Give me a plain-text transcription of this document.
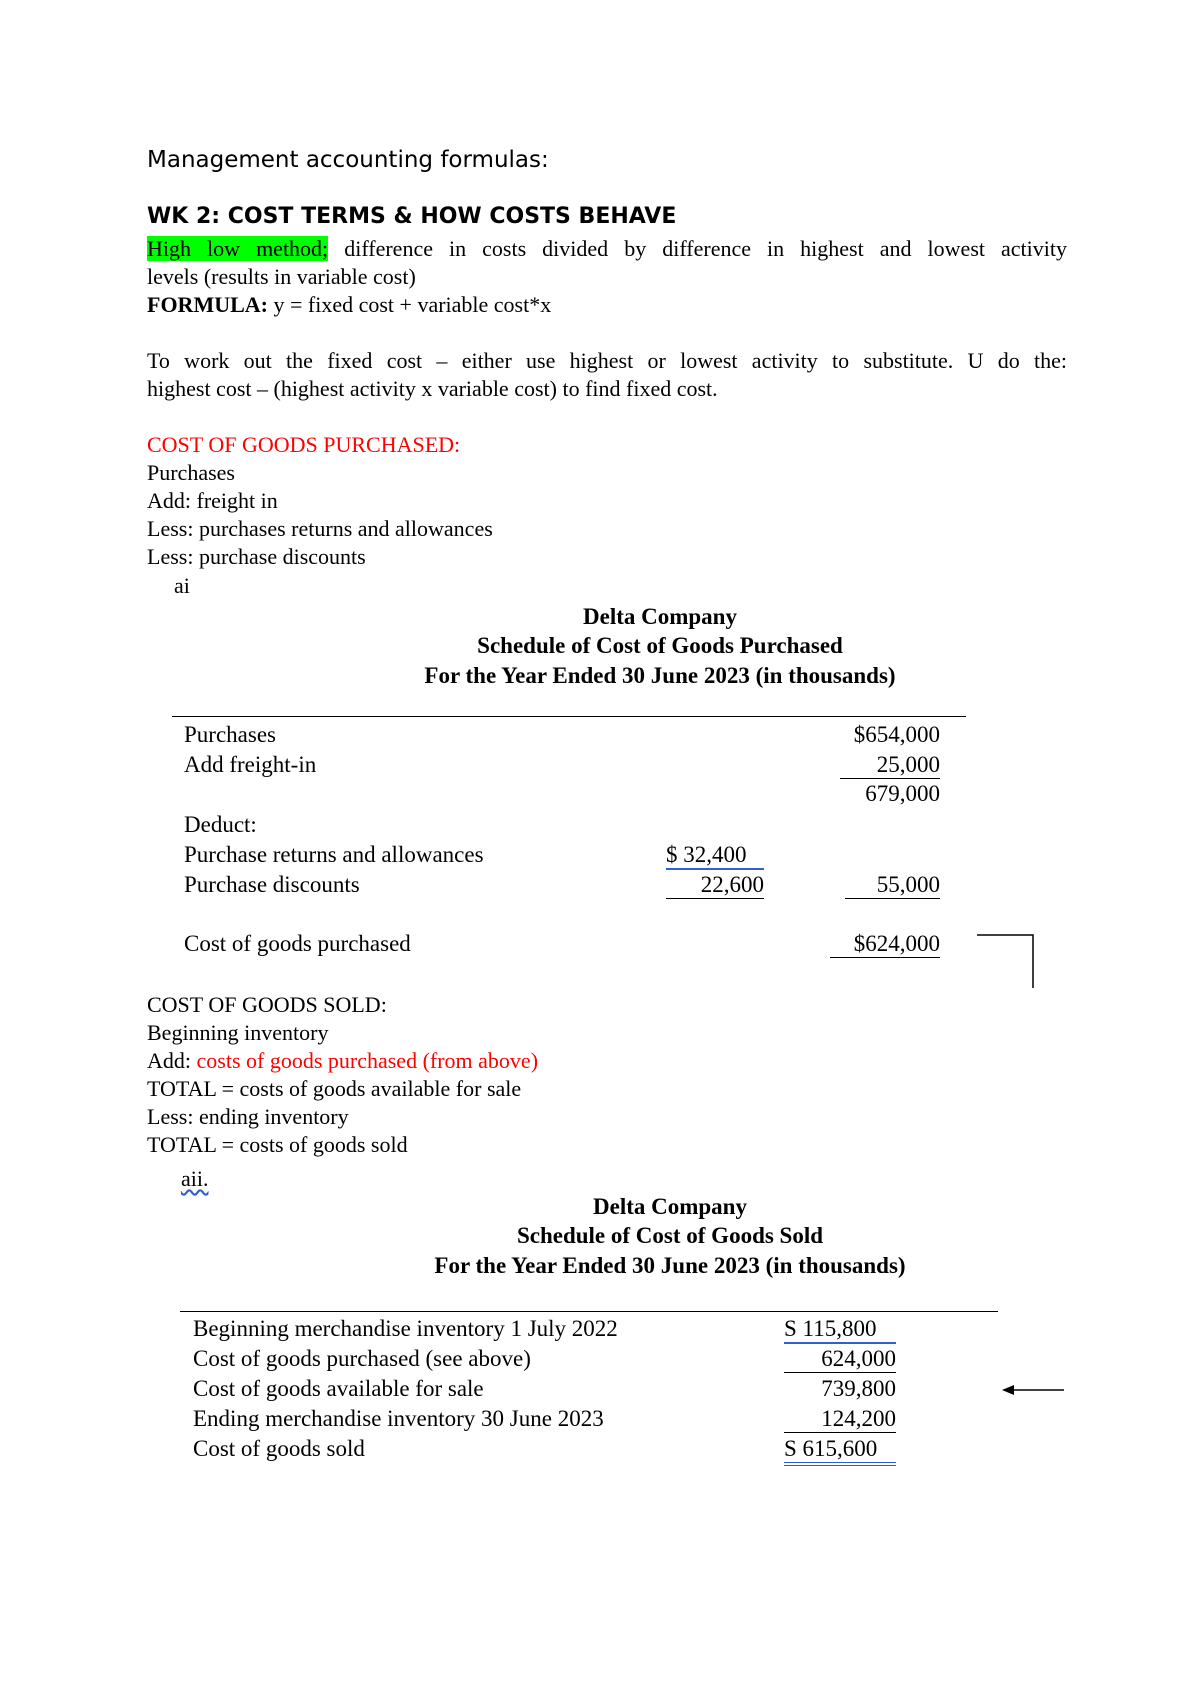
Management accounting formulas:
WK 2: COST TERMS & HOW COSTS BEHAVE
High low method; difference in costs divided by difference in highest and lowest activity
levels (results in variable cost)
FORMULA: y = fixed cost + variable cost*x
To work out the fixed cost – either use highest or lowest activity to substitute. U do the:
highest cost – (highest activity x variable cost) to find fixed cost.
COST OF GOODS PURCHASED:
Purchases
Add: freight in
Less: purchases returns and allowances
Less: purchase discounts
ai
Delta Company
Schedule of Cost of Goods Purchased
For the Year Ended 30 June 2023 (in thousands)
Purchases	$654,000
Add freight-in	25,000
679,000
Deduct:
Purchase returns and allowances	$ 32,400
Purchase discounts	22,600	55,000
Cost of goods purchased	$624,000
COST OF GOODS SOLD:
Beginning inventory
Add: costs of goods purchased (from above)
TOTAL = costs of goods available for sale
Less: ending inventory
TOTAL = costs of goods sold
aii.
Delta Company
Schedule of Cost of Goods Sold
For the Year Ended 30 June 2023 (in thousands)
Beginning merchandise inventory 1 July 2022	S 115,800
Cost of goods purchased (see above)	624,000
Cost of goods available for sale	739,800
Ending merchandise inventory 30 June 2023	124,200
Cost of goods sold	S 615,600
